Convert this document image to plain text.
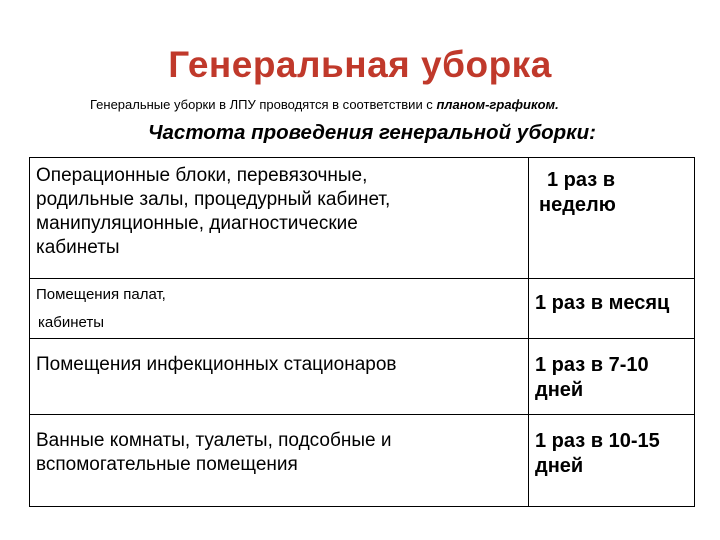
Генеральная уборка
Генеральные уборки в ЛПУ проводятся в соответствии с планом-графиком.
Частота проведения генеральной уборки:
Операционные блоки, перевязочные,
родильные залы, процедурный кабинет,
манипуляционные, диагностические
кабинеты	1 раз в
неделю

Помещения палат,
кабинеты	1 раз в месяц

Помещения инфекционных стационаров	1 раз в 7-10
дней

Ванные комнаты, туалеты, подсобные и
вспомогательные помещения	1 раз в 10-15
дней
